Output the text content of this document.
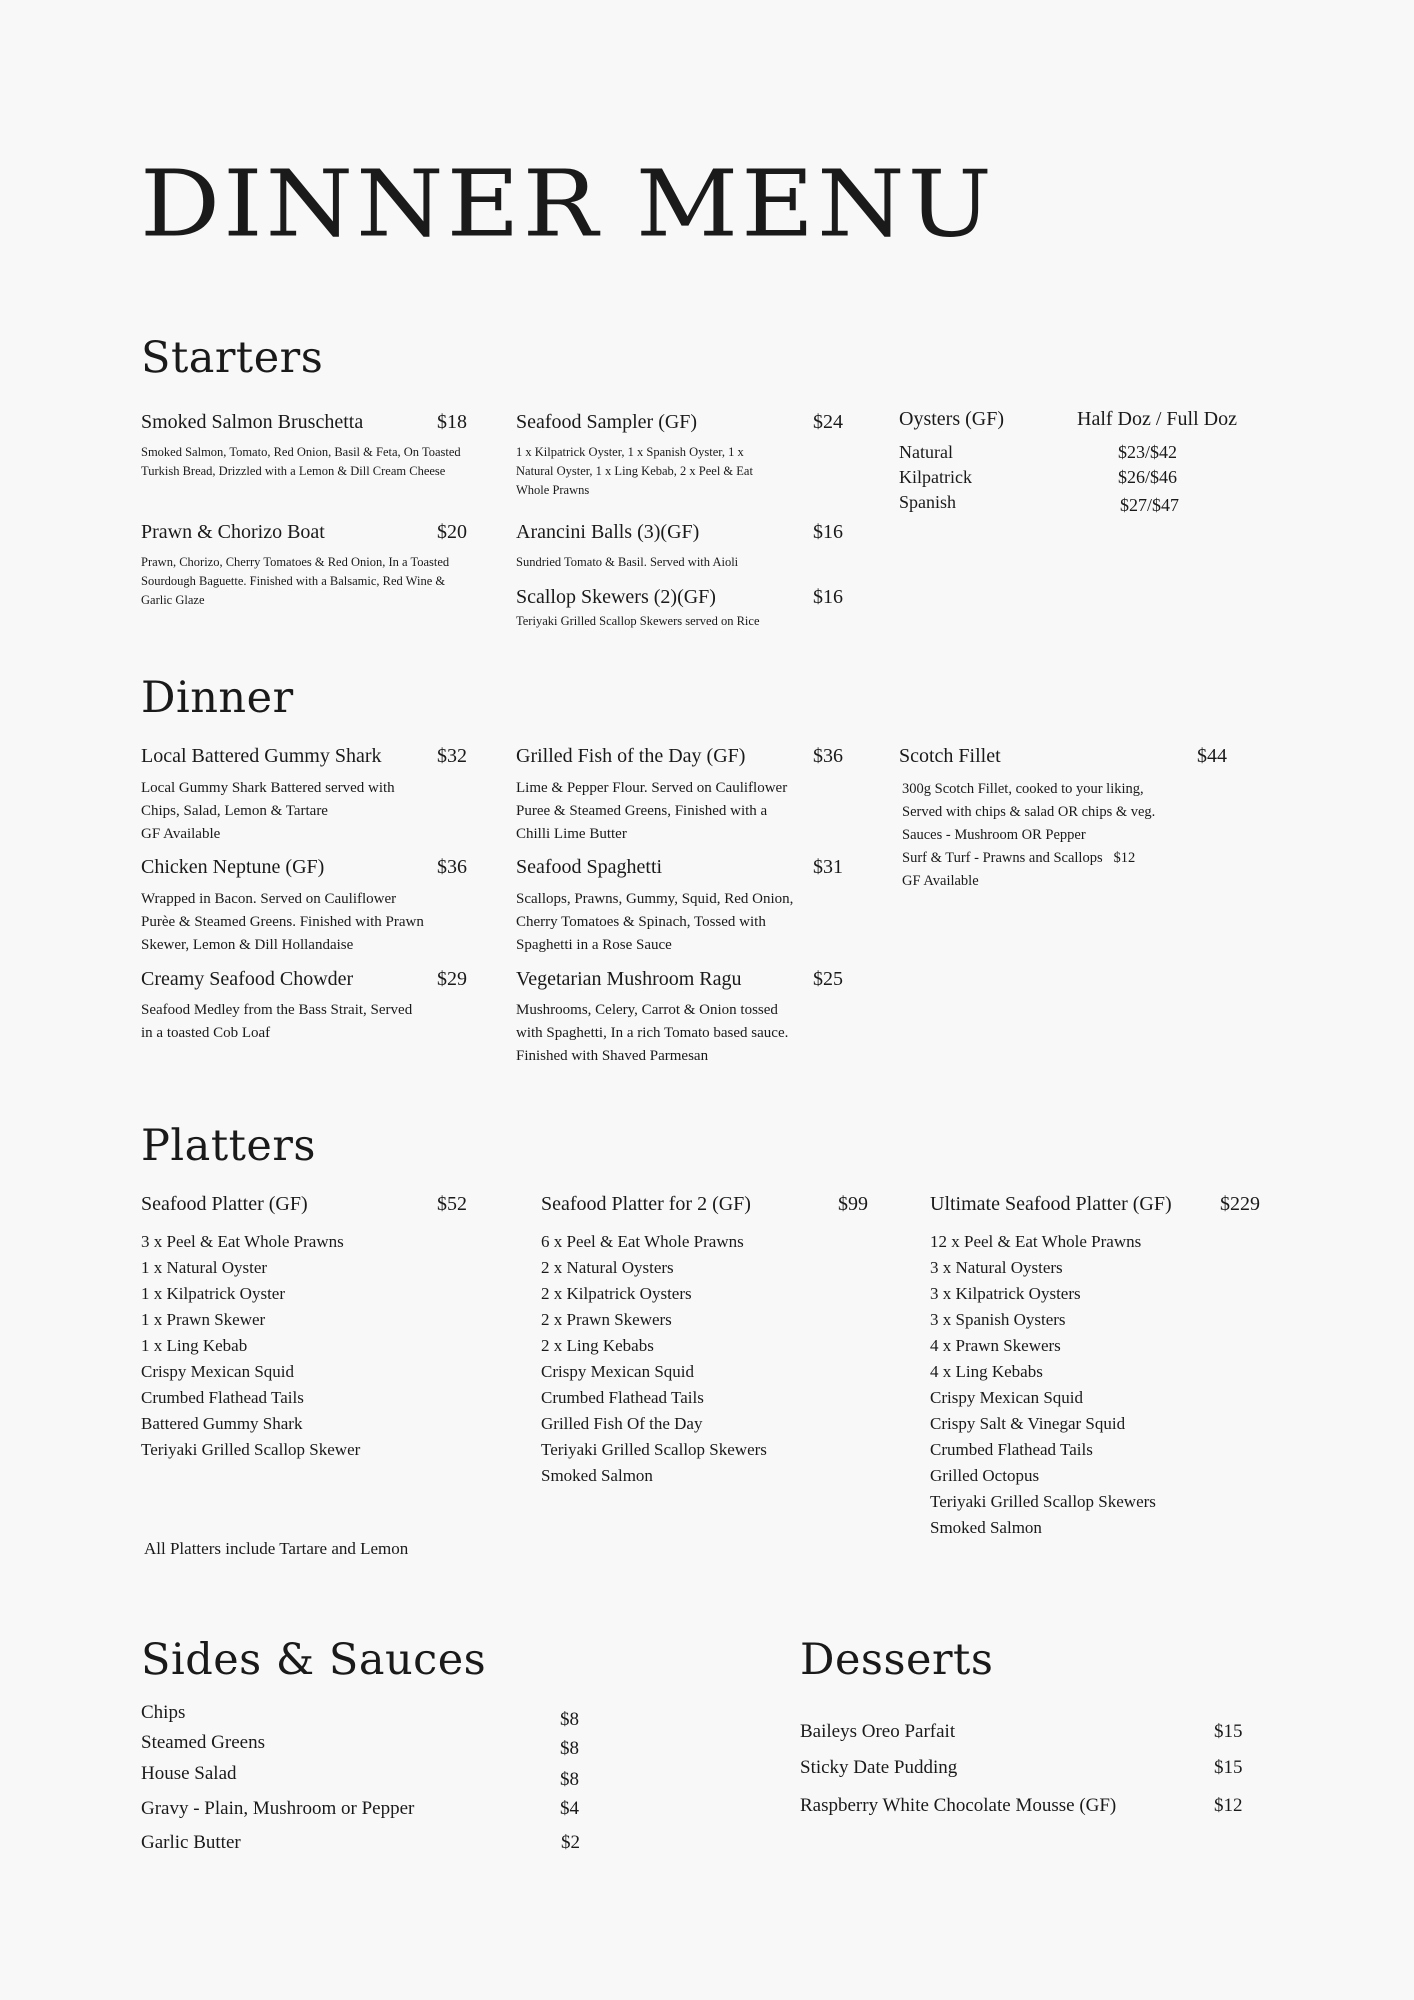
DINNER MENU
Starters
Smoked Salmon Bruschetta	$18
Smoked Salmon, Tomato, Red Onion, Basil & Feta, On Toasted Turkish Bread, Drizzled with a Lemon & Dill Cream Cheese
Prawn & Chorizo Boat	$20
Prawn, Chorizo, Cherry Tomatoes & Red Onion, In a Toasted Sourdough Baguette. Finished with a Balsamic, Red Wine & Garlic Glaze
Seafood Sampler (GF)	$24
1 x Kilpatrick Oyster, 1 x Spanish Oyster, 1 x Natural Oyster, 1 x Ling Kebab, 2 x Peel & Eat Whole Prawns
Arancini Balls (3)(GF)	$16
Sundried Tomato & Basil. Served with Aioli
Scallop Skewers (2)(GF)	$16
Teriyaki Grilled Scallop Skewers served on Rice
Oysters (GF)	Half Doz / Full Doz
Natural	$23/$42
Kilpatrick	$26/$46
Spanish	$27/$47
Dinner
Local Battered Gummy Shark	$32
Local Gummy Shark Battered served with
Chips, Salad, Lemon & Tartare
GF Available
Chicken Neptune (GF)	$36
Wrapped in Bacon. Served on Cauliflower
Purèe & Steamed Greens. Finished with Prawn
Skewer, Lemon & Dill Hollandaise
Creamy Seafood Chowder	$29
Seafood Medley from the Bass Strait, Served
in a toasted Cob Loaf
Grilled Fish of the Day (GF)	$36
Lime & Pepper Flour. Served on Cauliflower
Puree & Steamed Greens, Finished with a
Chilli Lime Butter
Seafood Spaghetti	$31
Scallops, Prawns, Gummy, Squid, Red Onion,
Cherry Tomatoes & Spinach, Tossed with
Spaghetti in a Rose Sauce
Vegetarian Mushroom Ragu	$25
Mushrooms, Celery, Carrot & Onion tossed
with Spaghetti, In a rich Tomato based sauce.
Finished with Shaved Parmesan
Scotch Fillet	$44
300g Scotch Fillet, cooked to your liking,
Served with chips & salad OR chips & veg.
Sauces - Mushroom OR Pepper
Surf & Turf - Prawns and Scallops   $12
GF Available
Platters
Seafood Platter (GF)	$52
3 x Peel & Eat Whole Prawns
1 x Natural Oyster
1 x Kilpatrick Oyster
1 x Prawn Skewer
1 x Ling Kebab
Crispy Mexican Squid
Crumbed Flathead Tails
Battered Gummy Shark
Teriyaki Grilled Scallop Skewer
Seafood Platter for 2 (GF)	$99
6 x Peel & Eat Whole Prawns
2 x Natural Oysters
2 x Kilpatrick Oysters
2 x Prawn Skewers
2 x Ling Kebabs
Crispy Mexican Squid
Crumbed Flathead Tails
Grilled Fish Of the Day
Teriyaki Grilled Scallop Skewers
Smoked Salmon
Ultimate Seafood Platter (GF)	$229
12 x Peel & Eat Whole Prawns
3 x Natural Oysters
3 x Kilpatrick Oysters
3 x Spanish Oysters
4 x Prawn Skewers
4 x Ling Kebabs
Crispy Mexican Squid
Crispy Salt & Vinegar Squid
Crumbed Flathead Tails
Grilled Octopus
Teriyaki Grilled Scallop Skewers
Smoked Salmon
All Platters include Tartare and Lemon
Sides & Sauces
Chips	$8
Steamed Greens	$8
House Salad	$8
Gravy - Plain, Mushroom or Pepper	$4
Garlic Butter	$2
Desserts
Baileys Oreo Parfait	$15
Sticky Date Pudding	$15
Raspberry White Chocolate Mousse (GF)	$12
